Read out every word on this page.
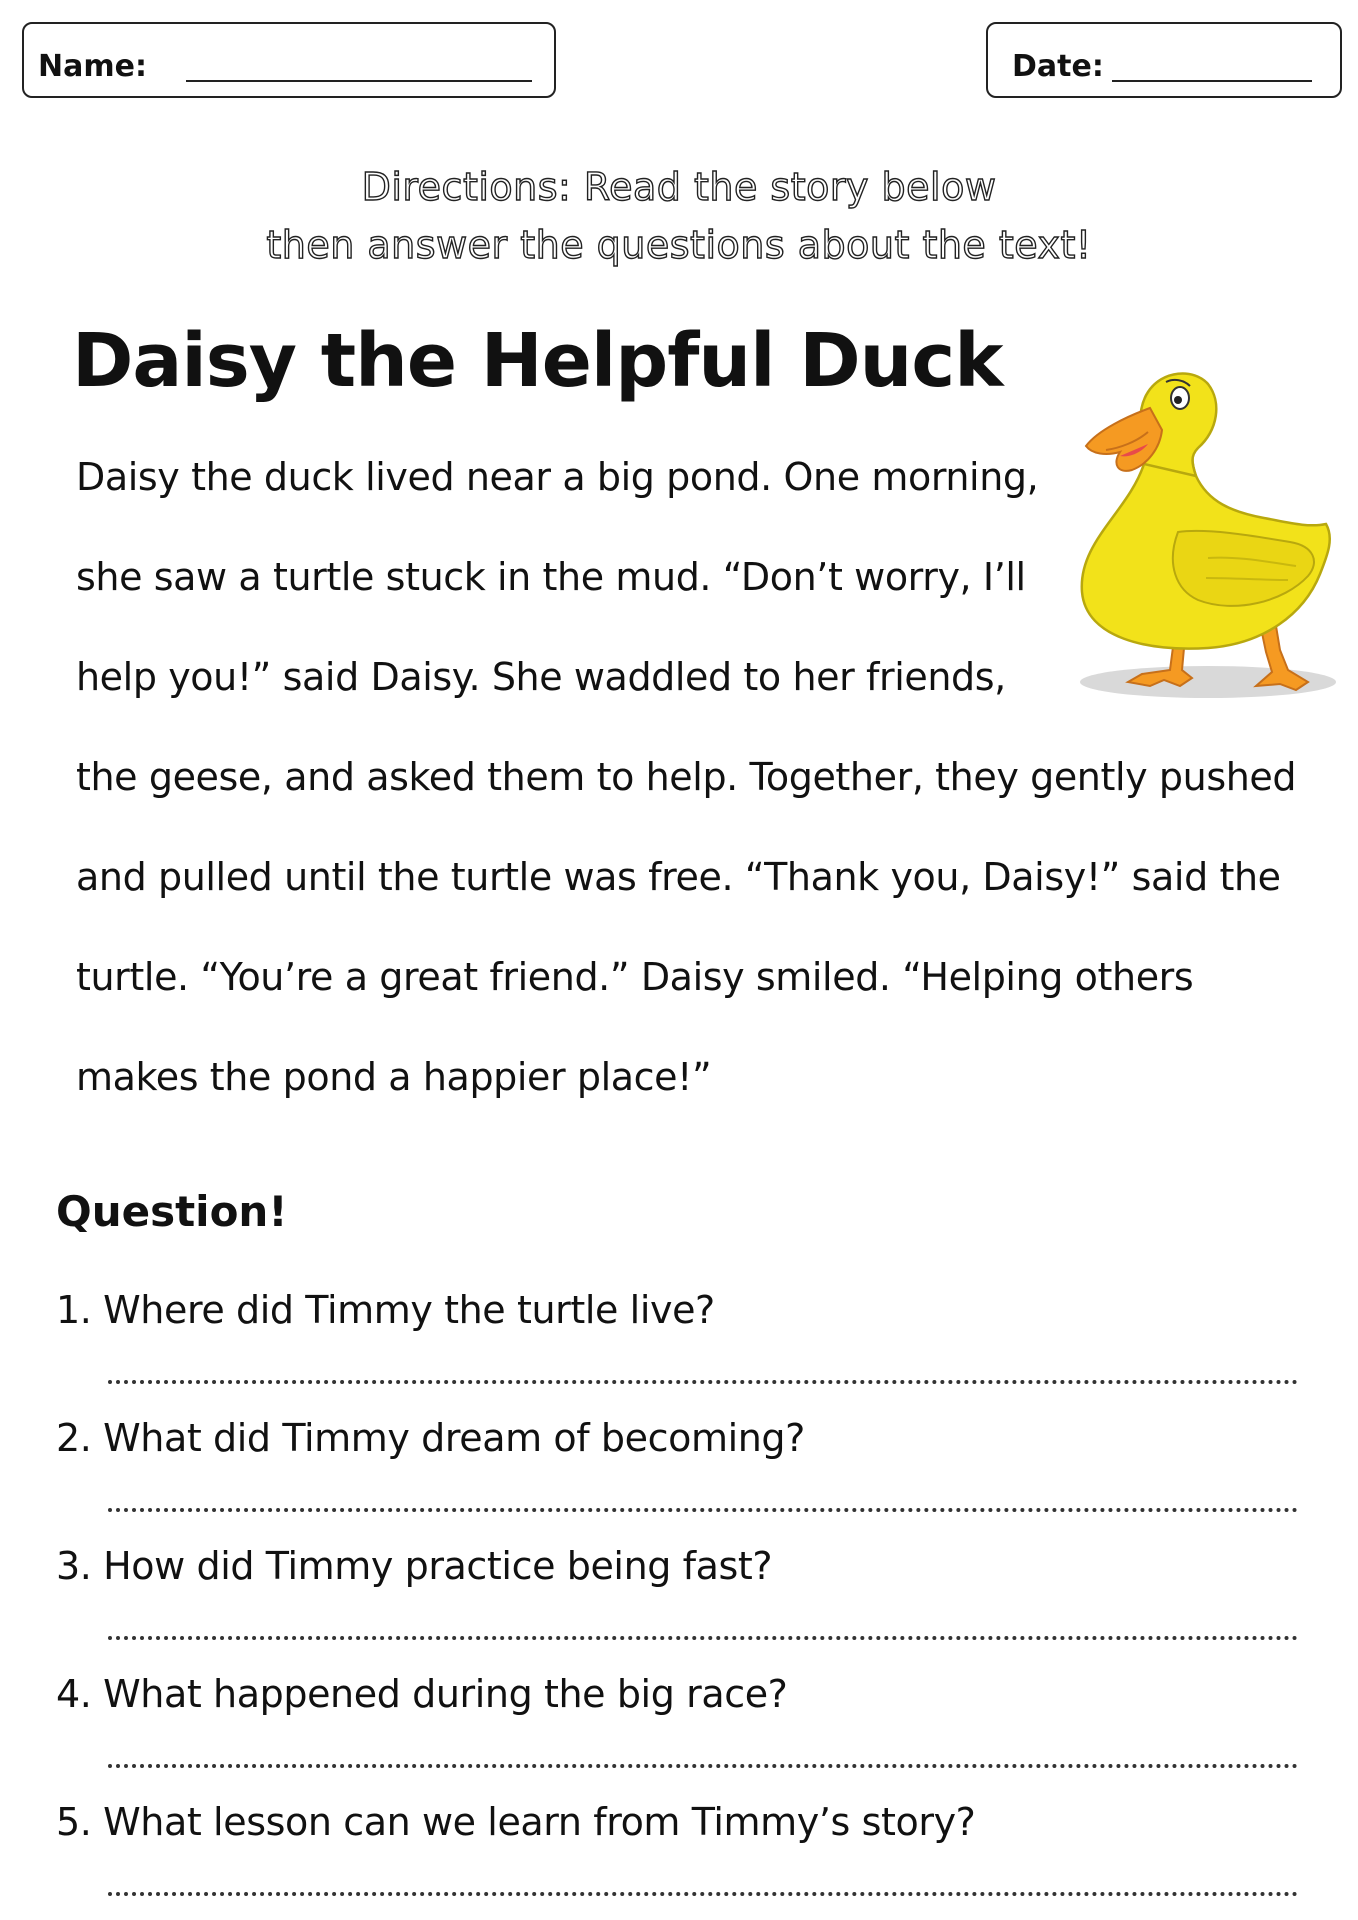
Name:	Date:
Directions: Read the story below
then answer the questions about the text!
Daisy the Helpful Duck

Daisy the duck lived near a big pond. One morning,

she saw a turtle stuck in the mud. “Don’t worry, I’ll

help you!” said Daisy. She waddled to her friends,

the geese, and asked them to help. Together, they gently pushed

and pulled until the turtle was free. “Thank you, Daisy!” said the

turtle. “You’re a great friend.” Daisy smiled. “Helping others

makes the pond a happier place!”

Question!

1. Where did Timmy the turtle live?

2. What did Timmy dream of becoming?

3. How did Timmy practice being fast?

4. What happened during the big race?

5. What lesson can we learn from Timmy’s story?
